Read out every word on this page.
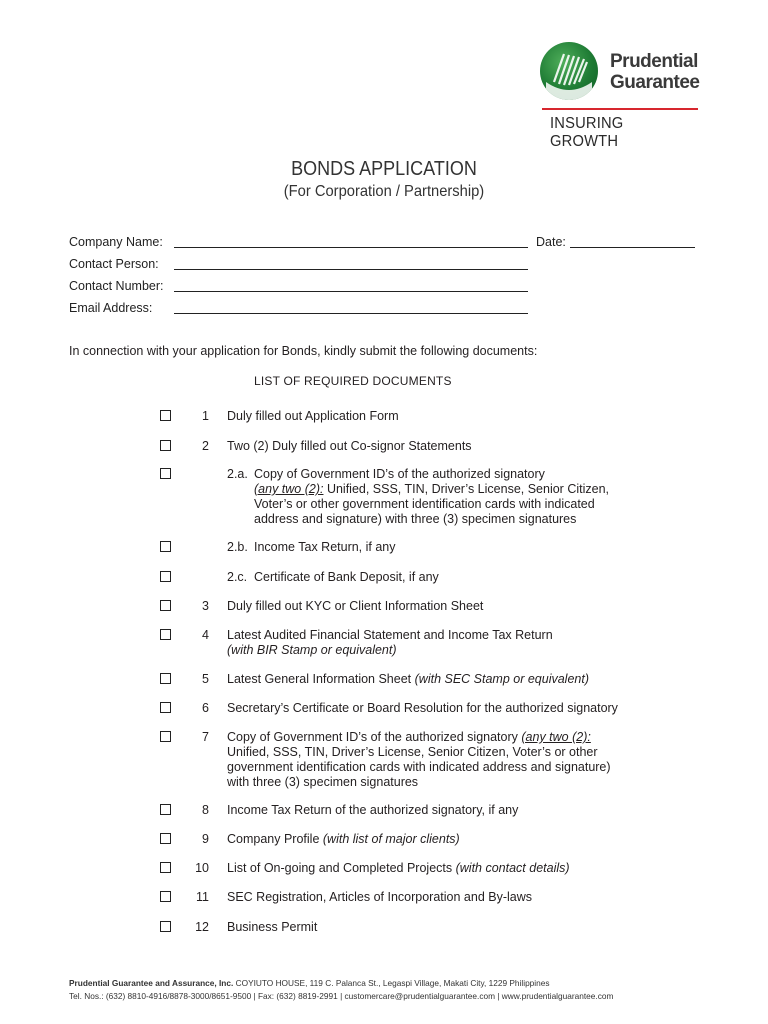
Prudential
Guarantee
INSURING GROWTH
BONDS APPLICATION
(For Corporation / Partnership)
Company Name:	Date:
Contact Person:
Contact Number:
Email Address:
In connection with your application for Bonds, kindly submit the following documents:
LIST OF REQUIRED DOCUMENTS
1 Duly filled out Application Form
2 Two (2) Duly filled out Co-signor Statements
2.a. Copy of Government ID’s of the authorized signatory
(any two (2): Unified, SSS, TIN, Driver’s License, Senior Citizen,
Voter’s or other government identification cards with indicated
address and signature) with three (3) specimen signatures
2.b. Income Tax Return, if any
2.c. Certificate of Bank Deposit, if any
3 Duly filled out KYC or Client Information Sheet
4 Latest Audited Financial Statement and Income Tax Return
(with BIR Stamp or equivalent)
5 Latest General Information Sheet (with SEC Stamp or equivalent)
6 Secretary’s Certificate or Board Resolution for the authorized signatory
7 Copy of Government ID’s of the authorized signatory (any two (2):
Unified, SSS, TIN, Driver’s License, Senior Citizen, Voter’s or other
government identification cards with indicated address and signature)
with three (3) specimen signatures
8 Income Tax Return of the authorized signatory, if any
9 Company Profile (with list of major clients)
10 List of On-going and Completed Projects (with contact details)
11 SEC Registration, Articles of Incorporation and By-laws
12 Business Permit
Prudential Guarantee and Assurance, Inc. COYIUTO HOUSE, 119 C. Palanca St., Legaspi Village, Makati City, 1229 Philippines
Tel. Nos.: (632) 8810-4916/8878-3000/8651-9500 | Fax: (632) 8819-2991 | customercare@prudentialguarantee.com | www.prudentialguarantee.com
